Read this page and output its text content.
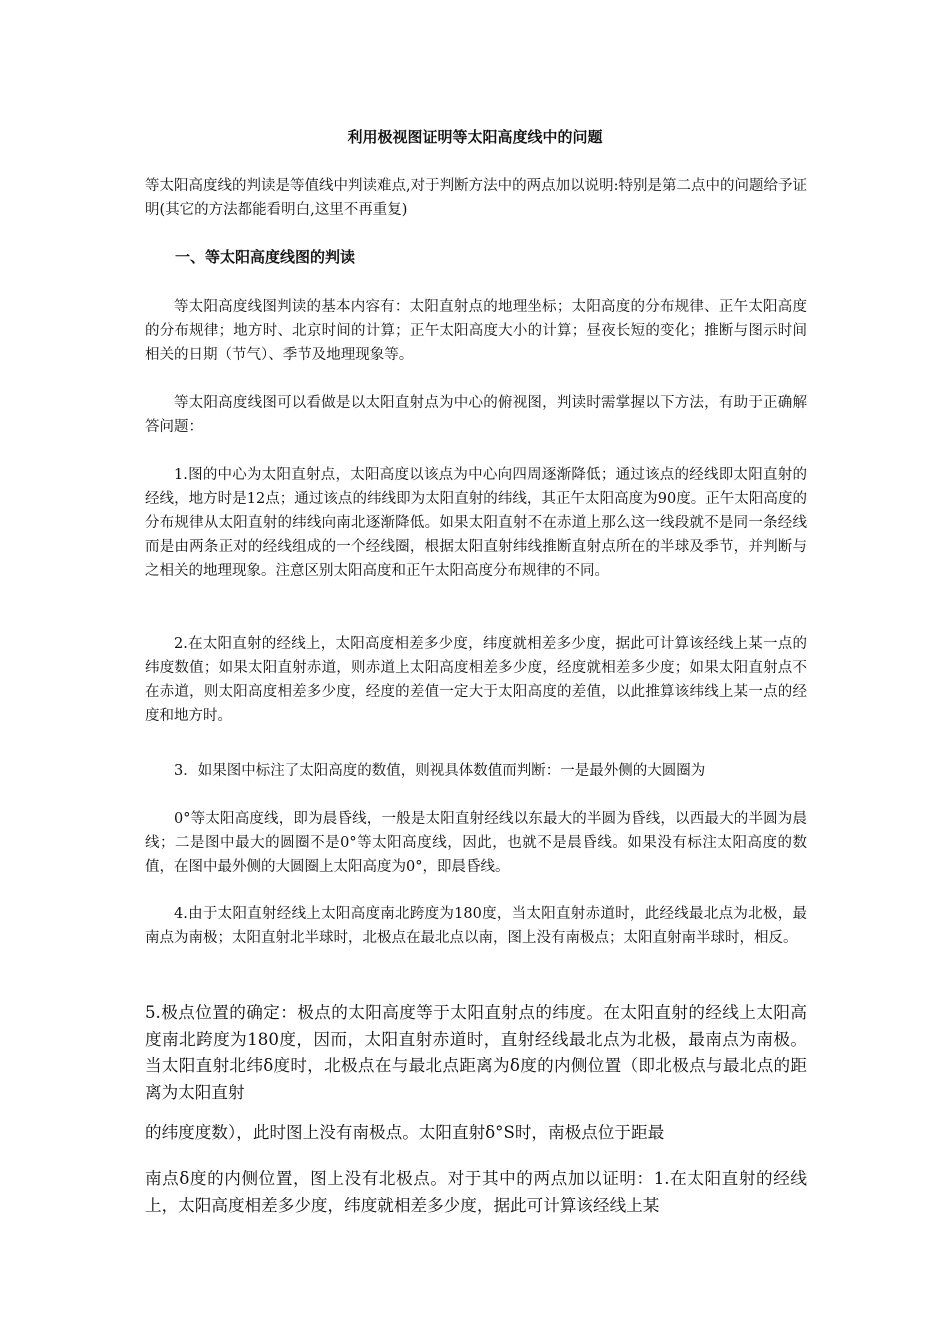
利用极视图证明等太阳高度线中的问题

等太阳高度线的判读是等值线中判读难点,对于判断方法中的两点加以说明:特别是第二点中的问题给予证明(其它的方法都能看明白,这里不再重复)

一、等太阳高度线图的判读

等太阳高度线图判读的基本内容有：太阳直射点的地理坐标；太阳高度的分布规律、正午太阳高度的分布规律；地方时、北京时间的计算；正午太阳高度大小的计算；昼夜长短的变化；推断与图示时间相关的日期（节气）、季节及地理现象等。

等太阳高度线图可以看做是以太阳直射点为中心的俯视图，判读时需掌握以下方法，有助于正确解答问题：

1.图的中心为太阳直射点，太阳高度以该点为中心向四周逐渐降低；通过该点的经线即太阳直射的经线，地方时是12点；通过该点的纬线即为太阳直射的纬线，其正午太阳高度为90度。正午太阳高度的分布规律从太阳直射的纬线向南北逐渐降低。如果太阳直射不在赤道上那么这一线段就不是同一条经线而是由两条正对的经线组成的一个经线圈，根据太阳直射纬线推断直射点所在的半球及季节，并判断与之相关的地理现象。注意区别太阳高度和正午太阳高度分布规律的不同。

2.在太阳直射的经线上，太阳高度相差多少度，纬度就相差多少度，据此可计算该经线上某一点的纬度数值；如果太阳直射赤道，则赤道上太阳高度相差多少度，经度就相差多少度；如果太阳直射点不在赤道，则太阳高度相差多少度，经度的差值一定大于太阳高度的差值，以此推算该纬线上某一点的经度和地方时。

3．如果图中标注了太阳高度的数值，则视具体数值而判断：一是最外侧的大圆圈为

0°等太阳高度线，即为晨昏线，一般是太阳直射经线以东最大的半圆为昏线，以西最大的半圆为晨线；二是图中最大的圆圈不是0°等太阳高度线，因此，也就不是晨昏线。如果没有标注太阳高度的数值，在图中最外侧的大圆圈上太阳高度为0°，即晨昏线。

4.由于太阳直射经线上太阳高度南北跨度为180度，当太阳直射赤道时，此经线最北点为北极，最南点为南极；太阳直射北半球时，北极点在最北点以南，图上没有南极点；太阳直射南半球时，相反。

5.极点位置的确定：极点的太阳高度等于太阳直射点的纬度。在太阳直射的经线上太阳高度南北跨度为180度，因而，太阳直射赤道时，直射经线最北点为北极，最南点为南极。当太阳直射北纬δ度时，北极点在与最北点距离为δ度的内侧位置（即北极点与最北点的距离为太阳直射

的纬度度数），此时图上没有南极点。太阳直射δ°S时，南极点位于距最

南点δ度的内侧位置，图上没有北极点。对于其中的两点加以证明：1.在太阳直射的经线上，太阳高度相差多少度，纬度就相差多少度，据此可计算该经线上某
